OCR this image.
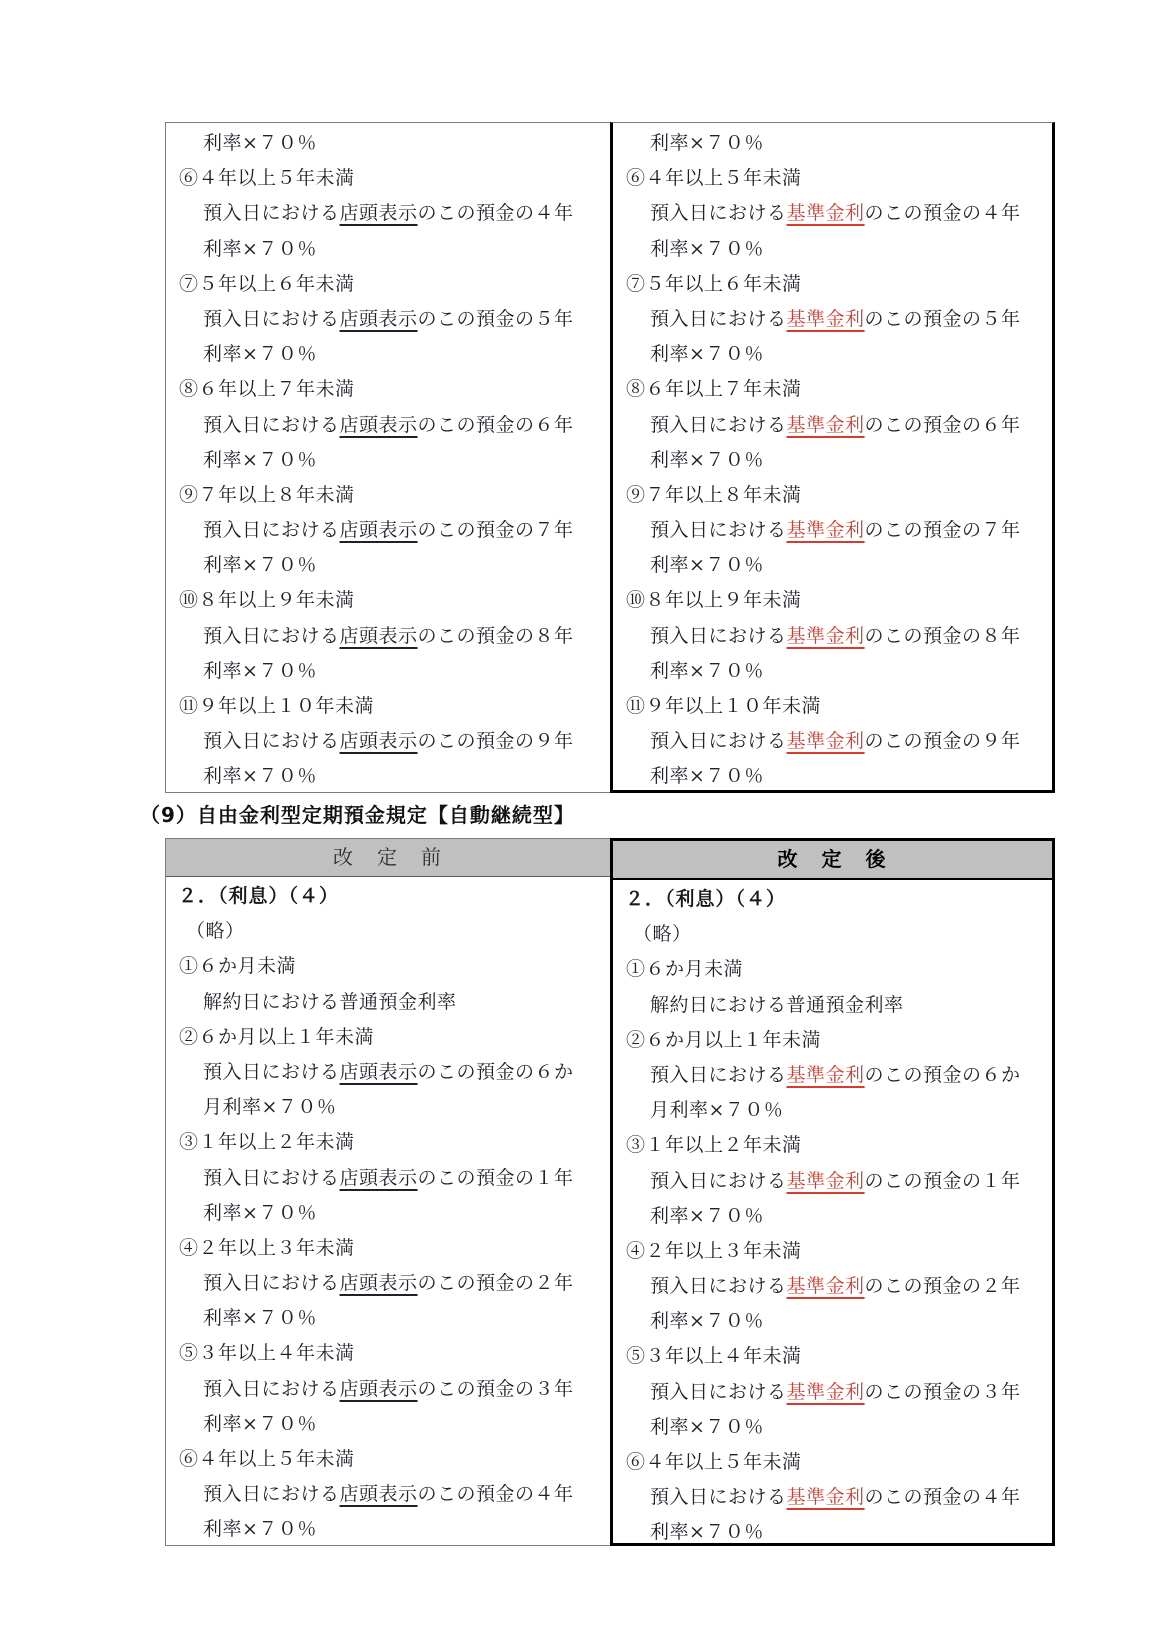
利率×７０％
⑥４年以上５年未満
預入日における店頭表示のこの預金の４年
利率×７０％
⑦５年以上６年未満
預入日における店頭表示のこの預金の５年
利率×７０％
⑧６年以上７年未満
預入日における店頭表示のこの預金の６年
利率×７０％
⑨７年以上８年未満
預入日における店頭表示のこの預金の７年
利率×７０％
⑩８年以上９年未満
預入日における店頭表示のこの預金の８年
利率×７０％
⑪９年以上１０年未満
預入日における店頭表示のこの預金の９年
利率×７０％
利率×７０％
⑥４年以上５年未満
預入日における基準金利のこの預金の４年
利率×７０％
⑦５年以上６年未満
預入日における基準金利のこの預金の５年
利率×７０％
⑧６年以上７年未満
預入日における基準金利のこの預金の６年
利率×７０％
⑨７年以上８年未満
預入日における基準金利のこの預金の７年
利率×７０％
⑩８年以上９年未満
預入日における基準金利のこの預金の８年
利率×７０％
⑪９年以上１０年未満
預入日における基準金利のこの預金の９年
利率×７０％
（9）自由金利型定期預金規定【自動継続型】
改　定　前
２．（利息）（４）
（略）
①６か月未満
解約日における普通預金利率
②６か月以上１年未満
預入日における店頭表示のこの預金の６か
月利率×７０％
③１年以上２年未満
預入日における店頭表示のこの預金の１年
利率×７０％
④２年以上３年未満
預入日における店頭表示のこの預金の２年
利率×７０％
⑤３年以上４年未満
預入日における店頭表示のこの預金の３年
利率×７０％
⑥４年以上５年未満
預入日における店頭表示のこの預金の４年
利率×７０％
改　定　後
２．（利息）（４）
（略）
①６か月未満
解約日における普通預金利率
②６か月以上１年未満
預入日における基準金利のこの預金の６か
月利率×７０％
③１年以上２年未満
預入日における基準金利のこの預金の１年
利率×７０％
④２年以上３年未満
預入日における基準金利のこの預金の２年
利率×７０％
⑤３年以上４年未満
預入日における基準金利のこの預金の３年
利率×７０％
⑥４年以上５年未満
預入日における基準金利のこの預金の４年
利率×７０％
